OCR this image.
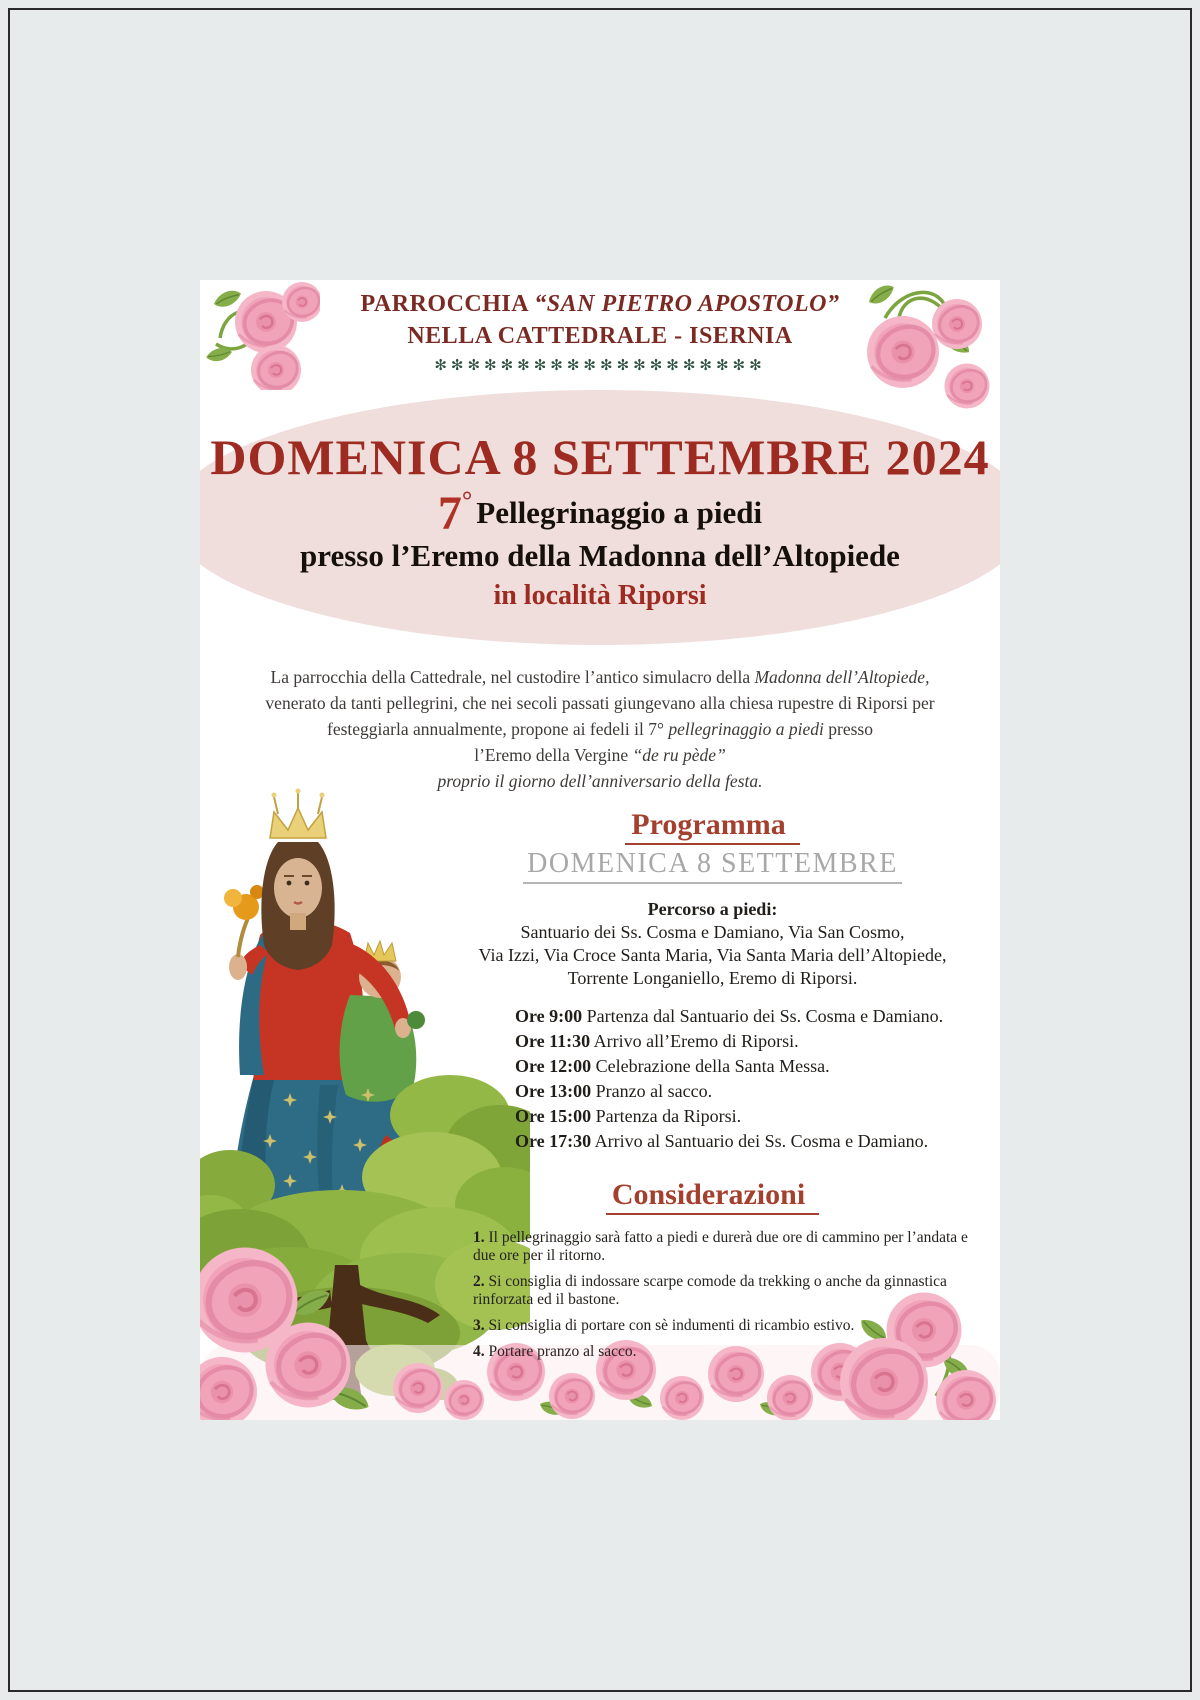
PARROCCHIA “SAN PIETRO APOSTOLO”
NELLA CATTEDRALE - ISERNIA
✻✻✻✻✻✻✻✻✻✻✻✻✻✻✻✻✻✻✻✻
DOMENICA 8 SETTEMBRE 2024
7° Pellegrinaggio a piedi
presso l’Eremo della Madonna dell’Altopiede
in località Riporsi
La parrocchia della Cattedrale, nel custodire l’antico simulacro della Madonna dell’Altopiede,
venerato da tanti pellegrini, che nei secoli passati giungevano alla chiesa rupestre di Riporsi per
festeggiarla annualmente, propone ai fedeli il 7° pellegrinaggio a piedi presso
l’Eremo della Vergine “de ru pède”
proprio il giorno dell’anniversario della festa.
Programma
DOMENICA 8 SETTEMBRE
Percorso a piedi:
Santuario dei Ss. Cosma e Damiano, Via San Cosmo,
Via Izzi, Via Croce Santa Maria, Via Santa Maria dell’Altopiede,
Torrente Longaniello, Eremo di Riporsi.
Ore 9:00 Partenza dal Santuario dei Ss. Cosma e Damiano.
Ore 11:30 Arrivo all’Eremo di Riporsi.
Ore 12:00 Celebrazione della Santa Messa.
Ore 13:00 Pranzo al sacco.
Ore 15:00 Partenza da Riporsi.
Ore 17:30 Arrivo al Santuario dei Ss. Cosma e Damiano.
Considerazioni
1. Il pellegrinaggio sarà fatto a piedi e durerà due ore di cammino per l’andata e due ore per il ritorno.
2. Si consiglia di indossare scarpe comode da trekking o anche da ginnastica rinforzata ed il bastone.
3. Si consiglia di portare con sè indumenti di ricambio estivo.
4. Portare pranzo al sacco.
